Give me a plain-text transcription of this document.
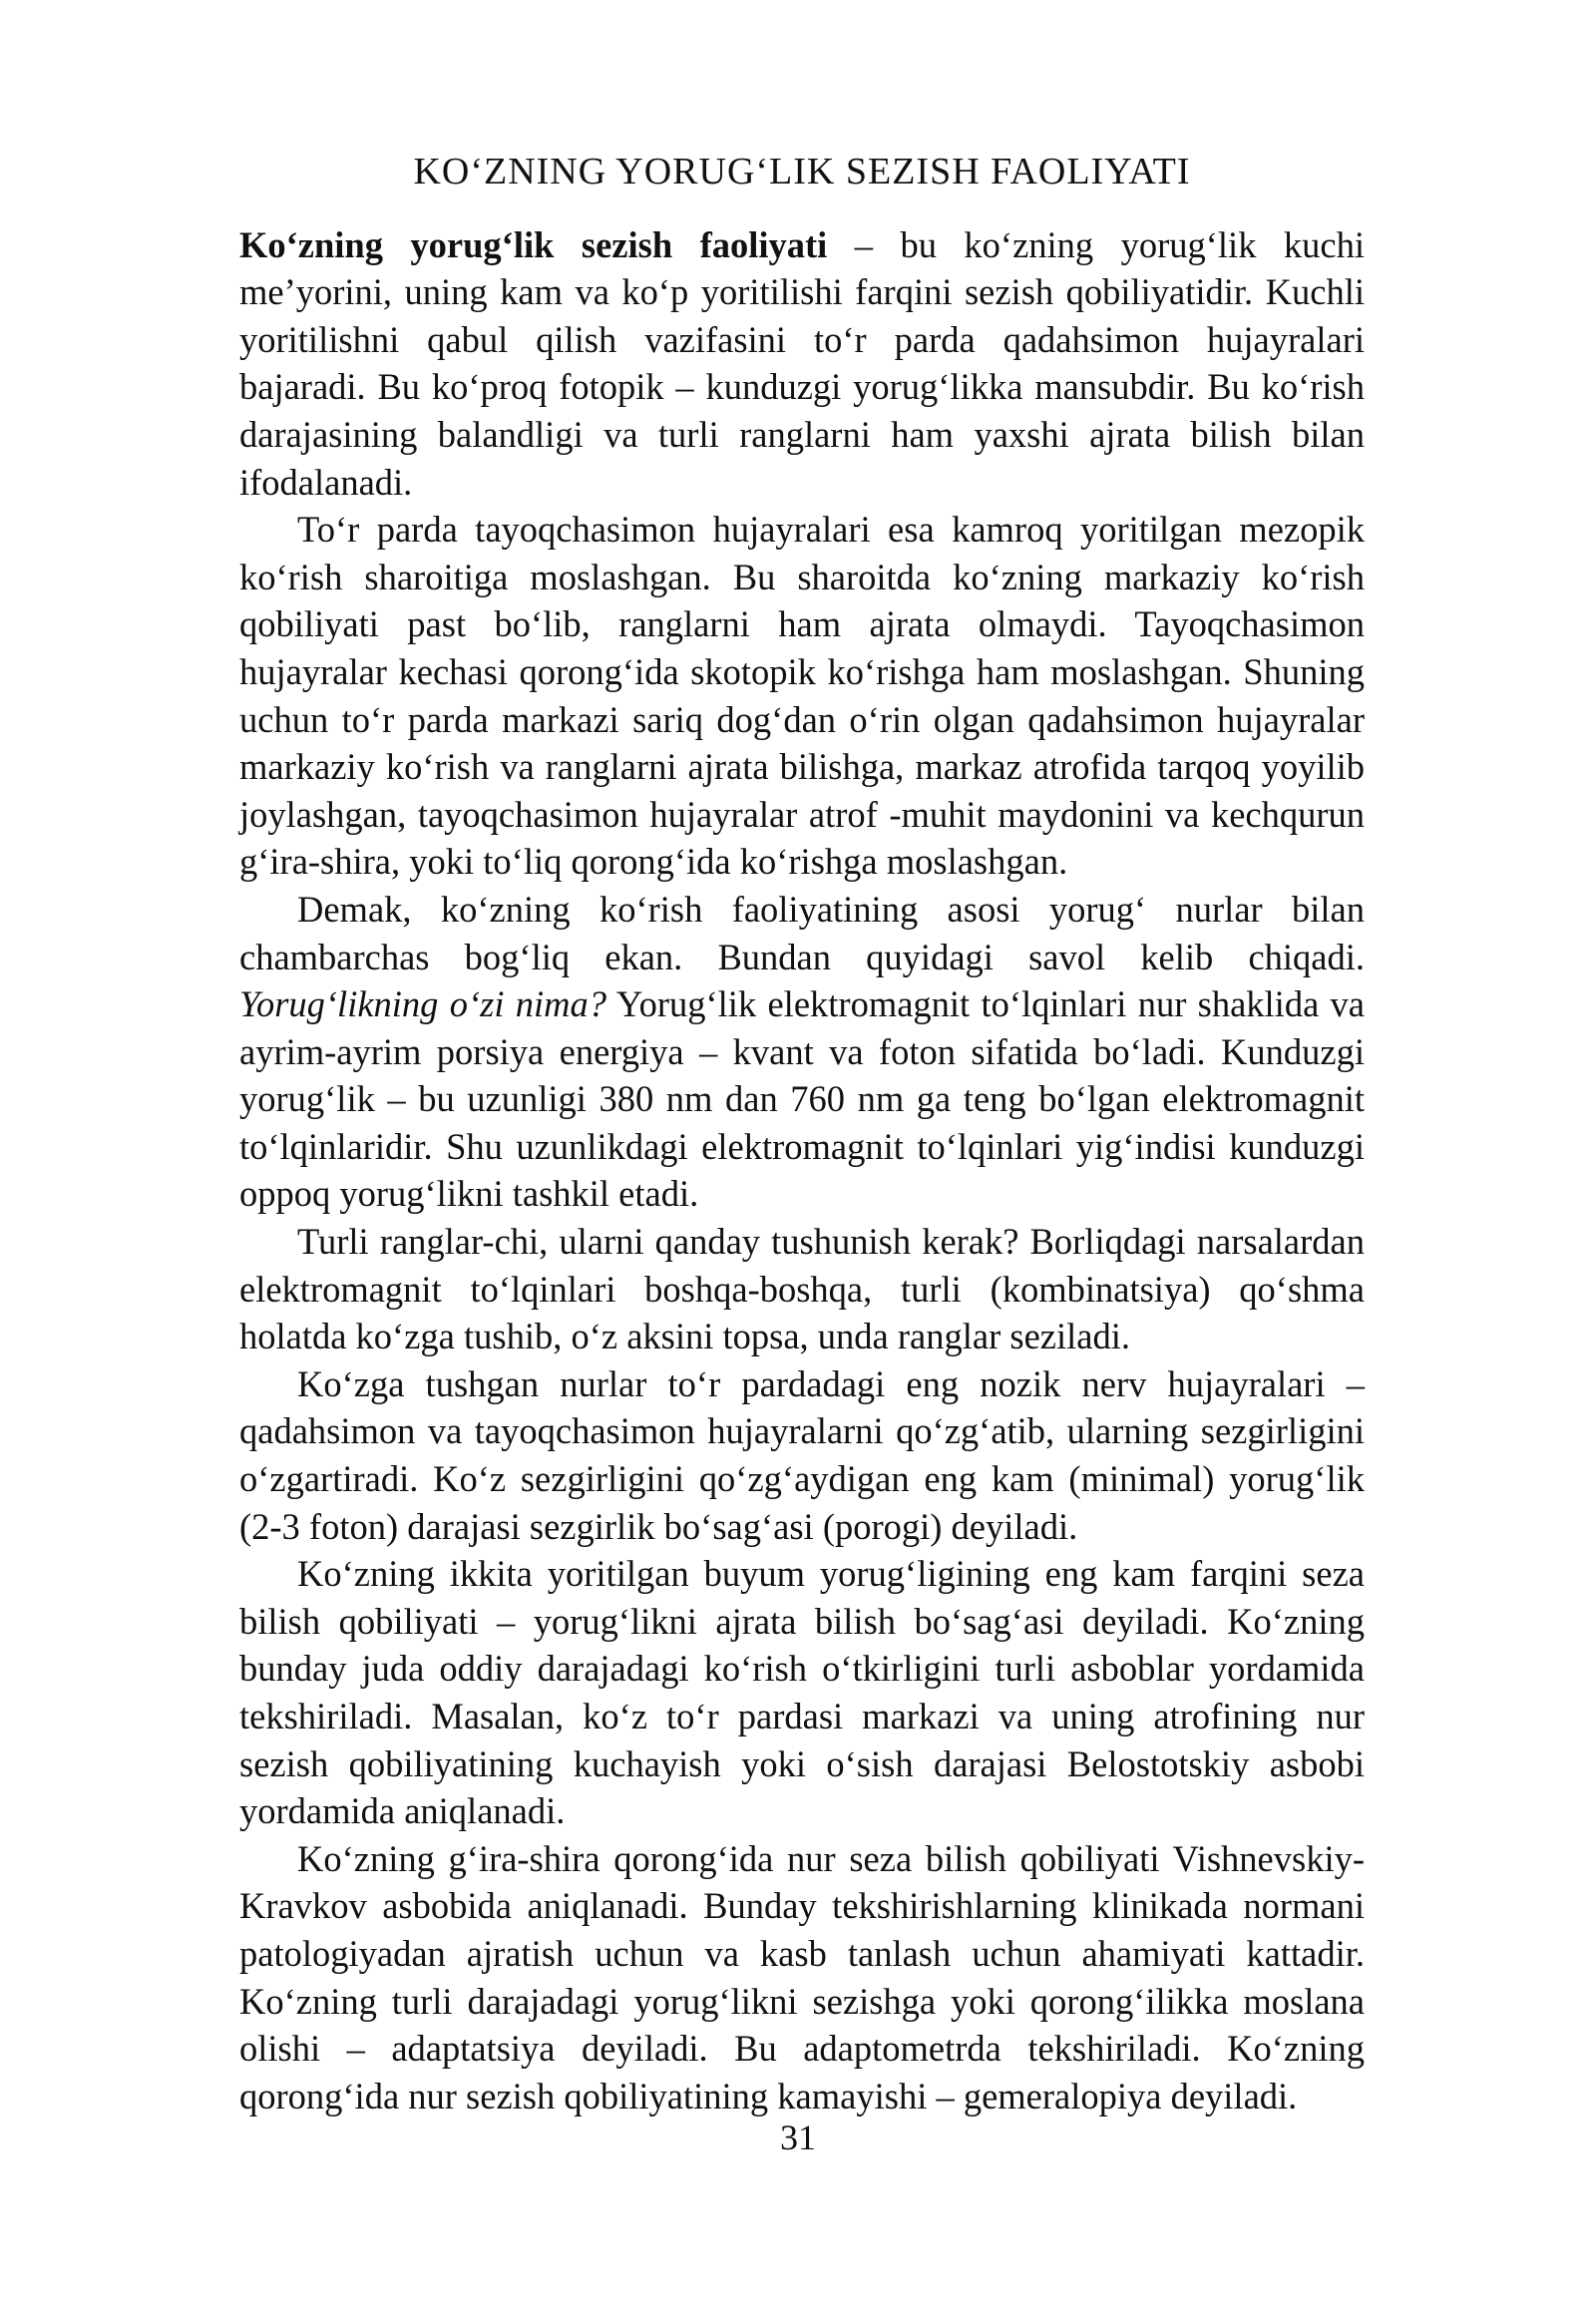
KO‘ZNING YORUG‘LIK SEZISH FAOLIYATI

Ko‘zning yorug‘lik sezish faoliyati – bu ko‘zning yorug‘lik kuchi me’yorini, uning kam va ko‘p yoritilishi farqini sezish qobiliyatidir. Kuchli yoritilishni qabul qilish vazifasini to‘r parda qadahsimon hujayralari bajaradi. Bu ko‘proq fotopik – kunduzgi yorug‘likka mansubdir. Bu ko‘rish darajasining balandligi va turli ranglarni ham yaxshi ajrata bilish bilan ifodalanadi.

To‘r parda tayoqchasimon hujayralari esa kamroq yoritilgan mezopik ko‘rish sharoitiga moslashgan. Bu sharoitda ko‘zning markaziy ko‘rish qobiliyati past bo‘lib, ranglarni ham ajrata olmaydi. Tayoqchasimon hujayralar kechasi qorong‘ida skotopik ko‘rishga ham moslashgan. Shuning uchun to‘r parda markazi sariq dog‘dan o‘rin olgan qadahsimon hujayralar markaziy ko‘rish va ranglarni ajrata bilishga, markaz atrofida tarqoq yoyilib joylashgan, tayoqchasimon hujayralar atrof -muhit maydonini va kechqurun g‘ira-shira, yoki to‘liq qorong‘ida ko‘rishga moslashgan.

Demak, ko‘zning ko‘rish faoliyatining asosi yorug‘ nurlar bilan chambarchas bog‘liq ekan. Bundan quyidagi savol kelib chiqadi. Yorug‘likning o‘zi nima? Yorug‘lik elektromagnit to‘lqinlari nur shaklida va ayrim-ayrim porsiya energiya – kvant va foton sifatida bo‘ladi. Kunduzgi yorug‘lik – bu uzunligi 380 nm dan 760 nm ga teng bo‘lgan elektromagnit to‘lqinlaridir. Shu uzunlikdagi elektromagnit to‘lqinlari yig‘indisi kunduzgi oppoq yorug‘likni tashkil etadi.

Turli ranglar-chi, ularni qanday tushunish kerak? Borliqdagi narsalardan elektromagnit to‘lqinlari boshqa-boshqa, turli (kombinatsiya) qo‘shma holatda ko‘zga tushib, o‘z aksini topsa, unda ranglar seziladi.

Ko‘zga tushgan nurlar to‘r pardadagi eng nozik nerv hujayralari – qadahsimon va tayoqchasimon hujayralarni qo‘zg‘atib, ularning sezgirligini o‘zgartiradi. Ko‘z sezgirligini qo‘zg‘aydigan eng kam (minimal) yorug‘lik (2-3 foton) darajasi sezgirlik bo‘sag‘asi (porogi) deyiladi.

Ko‘zning ikkita yoritilgan buyum yorug‘ligining eng kam farqini seza bilish qobiliyati – yorug‘likni ajrata bilish bo‘sag‘asi deyiladi. Ko‘zning bunday juda oddiy darajadagi ko‘rish o‘tkirligini turli asboblar yordamida tekshiriladi. Masalan, ko‘z to‘r pardasi markazi va uning atrofining nur sezish qobiliyatining kuchayish yoki o‘sish darajasi Belostotskiy asbobi yordamida aniqlanadi.

Ko‘zning g‘ira-shira qorong‘ida nur seza bilish qobiliyati Vishnevskiy-Kravkov asbobida aniqlanadi. Bunday tekshirishlarning klinikada normani patologiyadan ajratish uchun va kasb tanlash uchun ahamiyati kattadir. Ko‘zning turli darajadagi yorug‘likni sezishga yoki qorong‘ilikka moslana olishi – adaptatsiya deyiladi. Bu adaptometrda tekshiriladi. Ko‘zning qorong‘ida nur sezish qobiliyatining kamayishi – gemeralopiya deyiladi.

31
